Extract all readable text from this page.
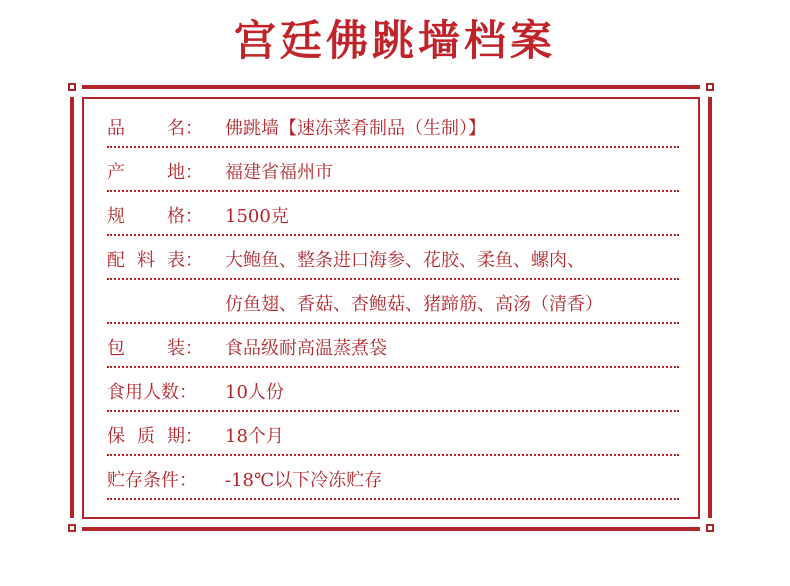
宫廷佛跳墙档案
品 名： 佛跳墙【速冻菜肴制品（生制）】
产 地： 福建省福州市
规 格： 1500克
配 料 表： 大鲍鱼、整条进口海参、花胶、柔鱼、螺肉、
仿鱼翅、香菇、杏鲍菇、猪蹄筋、高汤（清香）
包 装： 食品级耐高温蒸煮袋
食用人数： 10人份
保 质 期： 18个月
贮存条件： -18℃以下冷冻贮存
